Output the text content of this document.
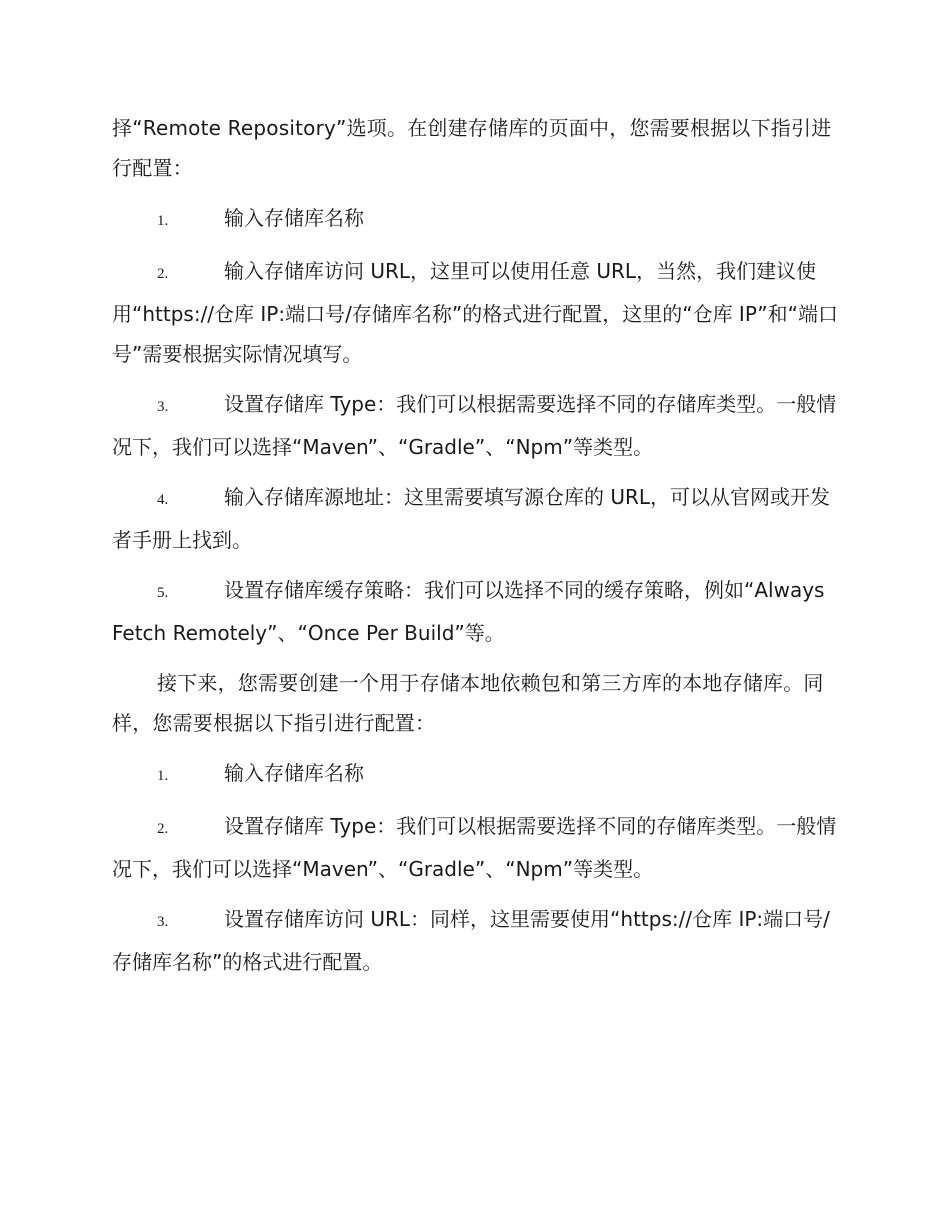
择“Remote Repository”选项。在创建存储库的页面中，您需要根据以下指引进行配置：

1.	输入存储库名称
2.	输入存储库访问 URL，这里可以使用任意 URL，当然，我们建议使用“https://仓库 IP:端口号/存储库名称”的格式进行配置，这里的“仓库 IP”和“端口号”需要根据实际情况填写。
3.	设置存储库 Type：我们可以根据需要选择不同的存储库类型。一般情况下，我们可以选择“Maven”、“Gradle”、“Npm”等类型。
4.	输入存储库源地址：这里需要填写源仓库的 URL，可以从官网或开发者手册上找到。
5.	设置存储库缓存策略：我们可以选择不同的缓存策略，例如“Always Fetch Remotely”、“Once Per Build”等。

接下来，您需要创建一个用于存储本地依赖包和第三方库的本地存储库。同样，您需要根据以下指引进行配置：

1.	输入存储库名称
2.	设置存储库 Type：我们可以根据需要选择不同的存储库类型。一般情况下，我们可以选择“Maven”、“Gradle”、“Npm”等类型。
3.	设置存储库访问 URL：同样，这里需要使用“https://仓库 IP:端口号/存储库名称”的格式进行配置。
